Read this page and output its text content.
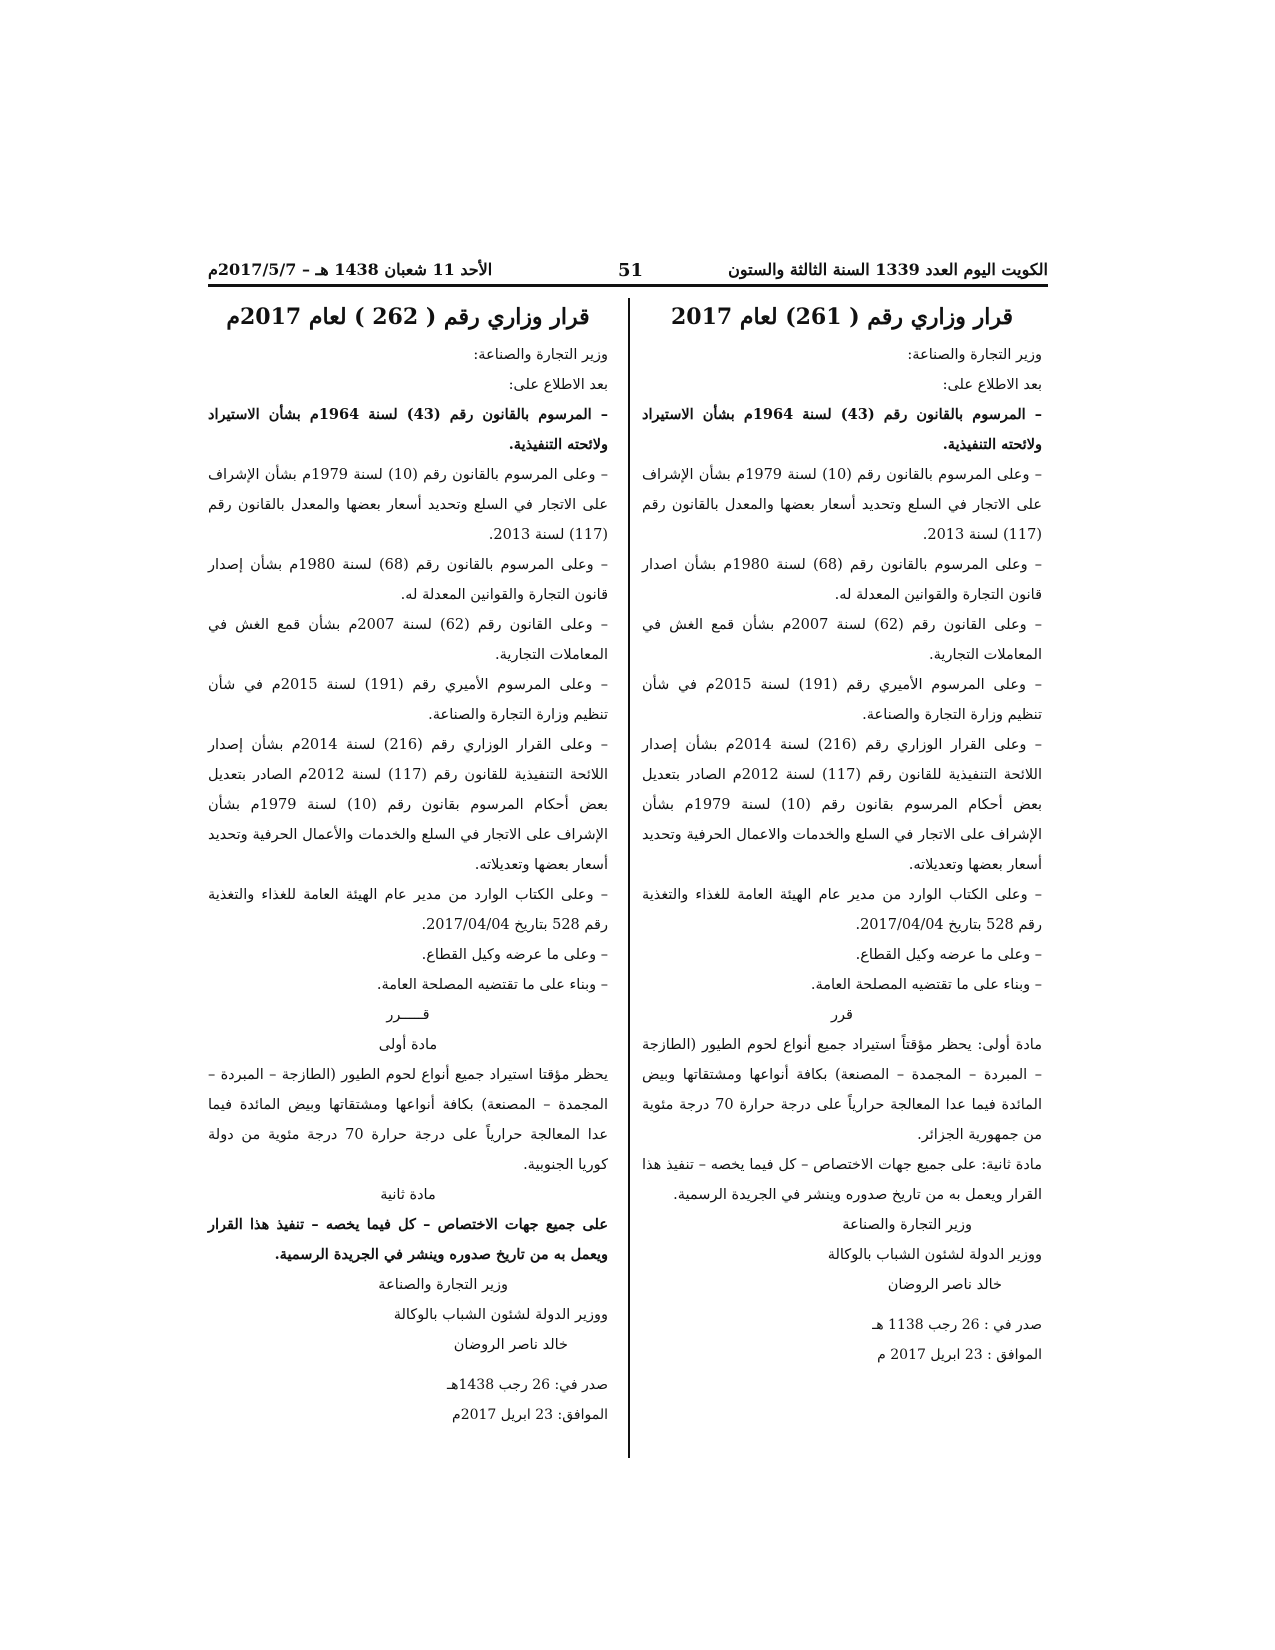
الأحد 11 شعبان 1438 هـ – 2017/5/7م	51	الكويت اليوم العدد 1339 السنة الثالثة والستون
قرار وزاري رقم ( 261) لعام 2017

وزير التجارة والصناعة:

بعد الاطلاع على:

– المرسوم بالقانون رقم (43) لسنة 1964م بشأن الاستيراد ولائحته التنفيذية.

– وعلى المرسوم بالقانون رقم (10) لسنة 1979م بشأن الإشراف على الاتجار في السلع وتحديد أسعار بعضها والمعدل بالقانون رقم (117) لسنة 2013.

– وعلى المرسوم بالقانون رقم (68) لسنة 1980م بشأن اصدار قانون التجارة والقوانين المعدلة له.

– وعلى القانون رقم (62) لسنة 2007م بشأن قمع الغش في المعاملات التجارية.

– وعلى المرسوم الأميري رقم (191) لسنة 2015م في شأن تنظيم وزارة التجارة والصناعة.

– وعلى القرار الوزاري رقم (216) لسنة 2014م بشأن إصدار اللائحة التنفيذية للقانون رقم (117) لسنة 2012م الصادر بتعديل بعض أحكام المرسوم بقانون رقم (10) لسنة 1979م بشأن الإشراف على الاتجار في السلع والخدمات والاعمال الحرفية وتحديد أسعار بعضها وتعديلاته.

– وعلى الكتاب الوارد من مدير عام الهيئة العامة للغذاء والتغذية رقم 528 بتاريخ 2017/04/04.

– وعلى ما عرضه وكيل القطاع.

– وبناء على ما تقتضيه المصلحة العامة.

قرر

مادة أولى: يحظر مؤقتاً استيراد جميع أنواع لحوم الطيور (الطازجة – المبردة – المجمدة – المصنعة) بكافة أنواعها ومشتقاتها وبيض المائدة فيما عدا المعالجة حرارياً على درجة حرارة 70 درجة مئوية من جمهورية الجزائر.

مادة ثانية: على جميع جهات الاختصاص – كل فيما يخصه – تنفيذ هذا القرار ويعمل به من تاريخ صدوره وينشر في الجريدة الرسمية.

وزير التجارة والصناعة

ووزير الدولة لشئون الشباب بالوكالة

خالد ناصر الروضان

صدر في : 26 رجب 1138 هـ

الموافق : 23 ابريل 2017 م

قرار وزاري رقم ( 262 ) لعام 2017م

وزير التجارة والصناعة:

بعد الاطلاع على:

– المرسوم بالقانون رقم (43) لسنة 1964م بشأن الاستيراد ولائحته التنفيذية.

– وعلى المرسوم بالقانون رقم (10) لسنة 1979م بشأن الإشراف على الاتجار في السلع وتحديد أسعار بعضها والمعدل بالقانون رقم (117) لسنة 2013.

– وعلى المرسوم بالقانون رقم (68) لسنة 1980م بشأن إصدار قانون التجارة والقوانين المعدلة له.

– وعلى القانون رقم (62) لسنة 2007م بشأن قمع الغش في المعاملات التجارية.

– وعلى المرسوم الأميري رقم (191) لسنة 2015م في شأن تنظيم وزارة التجارة والصناعة.

– وعلى القرار الوزاري رقم (216) لسنة 2014م بشأن إصدار اللائحة التنفيذية للقانون رقم (117) لسنة 2012م الصادر بتعديل بعض أحكام المرسوم بقانون رقم (10) لسنة 1979م بشأن الإشراف على الاتجار في السلع والخدمات والأعمال الحرفية وتحديد أسعار بعضها وتعديلاته.

– وعلى الكتاب الوارد من مدير عام الهيئة العامة للغذاء والتغذية رقم 528 بتاريخ 2017/04/04.

– وعلى ما عرضه وكيل القطاع.

– وبناء على ما تقتضيه المصلحة العامة.

قـــــرر

مادة أولى

يحظر مؤقتا استيراد جميع أنواع لحوم الطيور (الطازجة – المبردة – المجمدة – المصنعة) بكافة أنواعها ومشتقاتها وبيض المائدة فيما عدا المعالجة حرارياً على درجة حرارة 70 درجة مئوية من دولة كوريا الجنوبية.

مادة ثانية

على جميع جهات الاختصاص – كل فيما يخصه – تنفيذ هذا القرار ويعمل به من تاريخ صدوره وينشر في الجريدة الرسمية.

وزير التجارة والصناعة

ووزير الدولة لشئون الشباب بالوكالة

خالد ناصر الروضان

صدر في: 26 رجب 1438هـ

الموافق: 23 ابريل 2017م
